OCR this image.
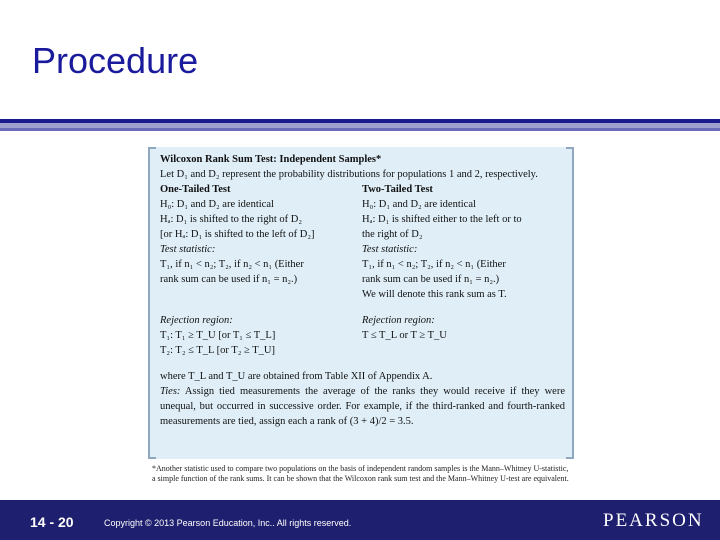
Procedure
Wilcoxon Rank Sum Test: Independent Samples*
Let D₁ and D₂ represent the probability distributions for populations 1 and 2, respectively.
One-Tailed Test
H₀: D₁ and D₂ are identical
Hₐ: D₁ is shifted to the right of D₂
[or Hₐ: D₁ is shifted to the left of D₂]
Test statistic:
T₁, if n₁ < n₂; T₂, if n₂ < n₁ (Either
rank sum can be used if n₁ = n₂.)
Rejection region:
T₁: T₁ ≥ T_U [or T₁ ≤ T_L]
T₂: T₂ ≤ T_L [or T₂ ≥ T_U]
Two-Tailed Test
H₀: D₁ and D₂ are identical
Hₐ: D₁ is shifted either to the left or to
the right of D₂
Test statistic:
T₁, if n₁ < n₂; T₂, if n₂ < n₁ (Either
rank sum can be used if n₁ = n₂.)
We will denote this rank sum as T.
Rejection region:
T ≤ T_L or T ≥ T_U
where T_L and T_U are obtained from Table XII of Appendix A.
Ties: Assign tied measurements the average of the ranks they would receive if they were unequal, but occurred in successive order. For example, if the third-ranked and fourth-ranked measurements are tied, assign each a rank of (3 + 4)/2 = 3.5.
*Another statistic used to compare two populations on the basis of independent random samples is the Mann–Whitney U-statistic, a simple function of the rank sums. It can be shown that the Wilcoxon rank sum test and the Mann–Whitney U-test are equivalent.
14 - 20	Copyright © 2013 Pearson Education, Inc.. All rights reserved.	PEARSON
